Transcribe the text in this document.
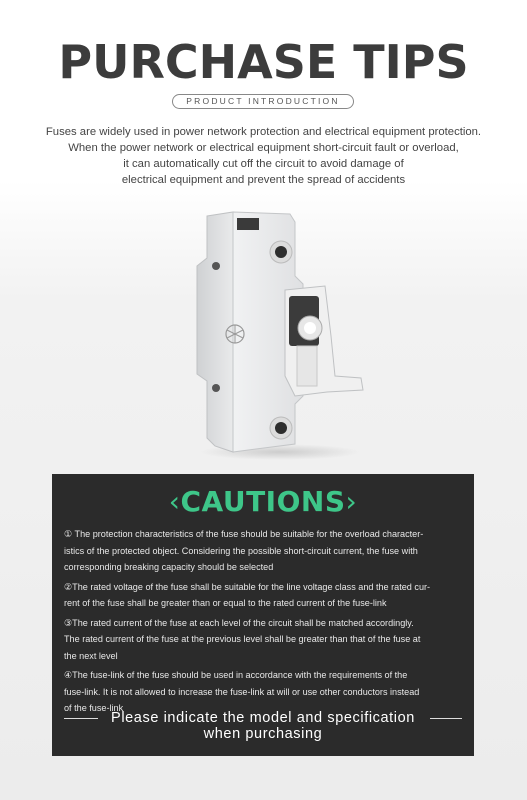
PURCHASE TIPS
PRODUCT INTRODUCTION
Fuses are widely used in power network protection and electrical equipment protection.
When the power network or electrical equipment short-circuit fault or overload,
it can automatically cut off the circuit to avoid damage of
electrical equipment and prevent the spread of accidents
‹CAUTIONS›
① The protection characteristics of the fuse should be suitable for the overload character-
istics of the protected object. Considering the possible short-circuit current, the fuse with
corresponding breaking capacity should be selected
②The rated voltage of the fuse shall be suitable for the line voltage class and the rated cur-
rent of the fuse shall be greater than or equal to the rated current of the fuse-link
③The rated current of the fuse at each level of the circuit shall be matched accordingly.
The rated current of the fuse at the previous level shall be greater than that of the fuse at
the next level
④The fuse-link of the fuse should be used in accordance with the requirements of the
fuse-link. It is not allowed to increase the fuse-link at will or use other conductors instead
of the fuse-link
Please indicate the model and specification
when purchasing
